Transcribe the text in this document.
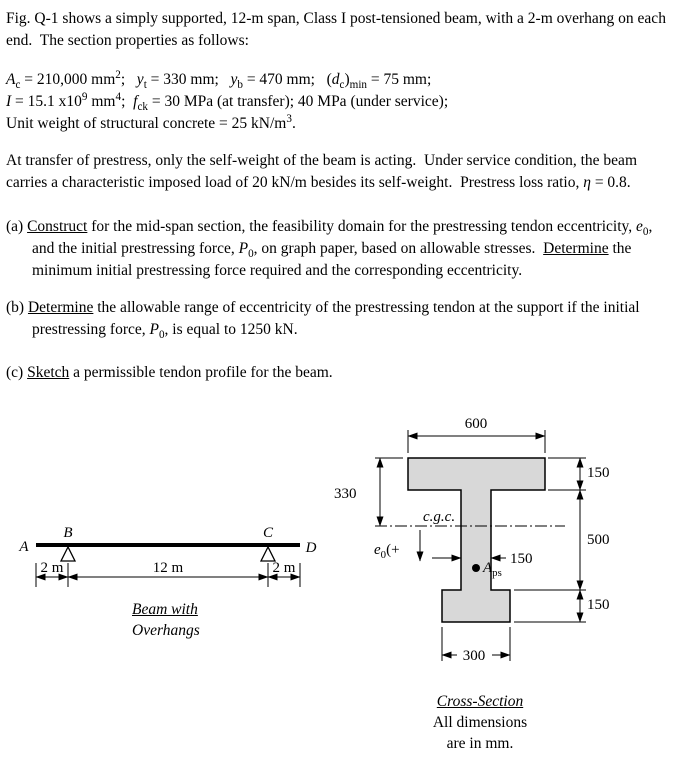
Fig. Q-1 shows a simply supported, 12-m span, Class I post-tensioned beam, with a 2-m overhang on each end.  The section properties as follows:

$A_c = 210,000$ $mm^2$;   $y_t = 330$ mm;   $y_b = 470$ mm;   $(d_c)_{min} = 75$ mm;

I = 15.1 $x10^9$ $mm^4$;  $f_{ck} = 30$ MPa (at transfer); 40 MPa (under service);

Unit weight of structural concrete = 25 $kN/m^3$.

At transfer of prestress, only the self-weight of the beam is acting.  Under service condition, the beam carries a characteristic imposed load of 20 kN/m besides its self-weight.  Prestress loss ratio, η = 0.8.

(a) Construct for the mid-span section, the feasibility domain for the prestressing tendon eccentricity, $e_0$, and the initial prestressing force, $P_0$, on graph paper, based on allowable stresses.  Determine the minimum initial prestressing force required and the corresponding eccentricity.

(b) Determine the allowable range of eccentricity of the prestressing tendon at the support if the initial prestressing force, $P_0$, is equal to 1250 kN.

(c) Sketch a permissible tendon profile for the beam.

A
B	C
D
2 m	12 m	2 m
Beam with
Overhangs
600
150
500
150
330
150
300
c.g.c.
$e_0(+$
$A_{ps}$
Cross-Section
All dimensions
are in mm.
